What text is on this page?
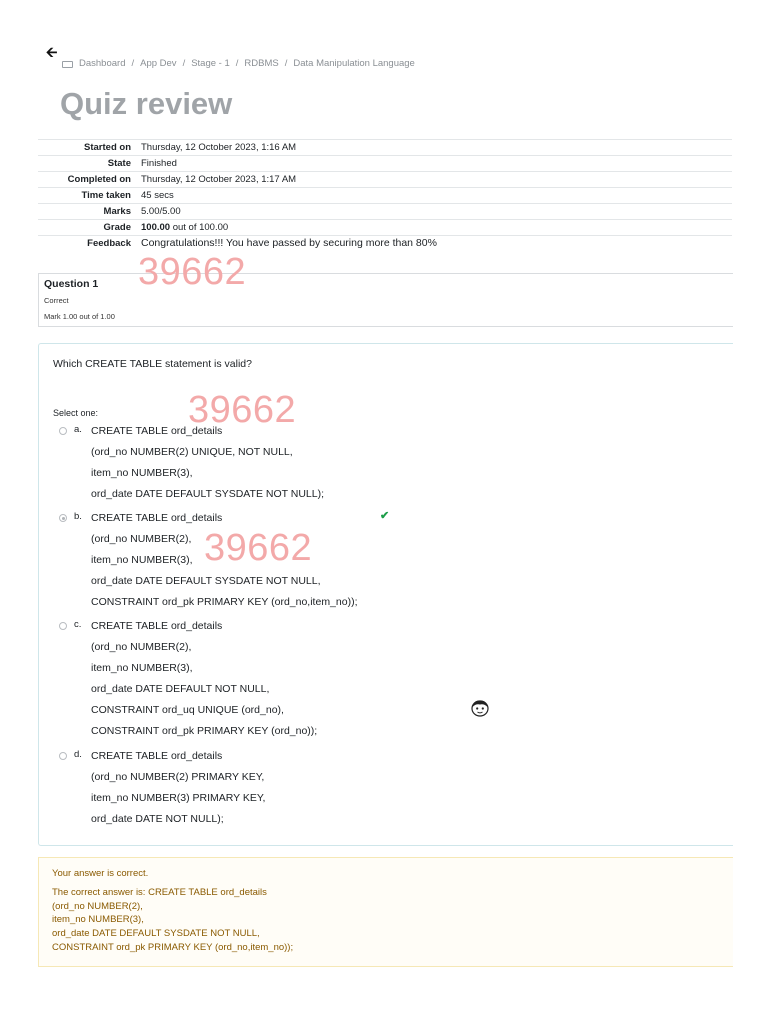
🡨
Dashboard / App Dev / Stage - 1 / RDBMS / Data Manipulation Language
Quiz review
Started on	Thursday, 12 October 2023, 1:16 AM
State	Finished
Completed on	Thursday, 12 October 2023, 1:17 AM
Time taken	45 secs
Marks	5.00/5.00
Grade	100.00 out of 100.00
Feedback	Congratulations!!! You have passed by securing more than 80%
Question 1
Correct
Mark 1.00 out of 1.00
Which CREATE TABLE statement is valid?
Select one:
a. CREATE TABLE ord_details
(ord_no NUMBER(2) UNIQUE, NOT NULL,
item_no NUMBER(3),
ord_date DATE DEFAULT SYSDATE NOT NULL);
b. CREATE TABLE ord_details
(ord_no NUMBER(2),
item_no NUMBER(3),
ord_date DATE DEFAULT SYSDATE NOT NULL,
CONSTRAINT ord_pk PRIMARY KEY (ord_no,item_no));
✔
c. CREATE TABLE ord_details
(ord_no NUMBER(2),
item_no NUMBER(3),
ord_date DATE DEFAULT NOT NULL,
CONSTRAINT ord_uq UNIQUE (ord_no),
CONSTRAINT ord_pk PRIMARY KEY (ord_no));
d. CREATE TABLE ord_details
(ord_no NUMBER(2) PRIMARY KEY,
item_no NUMBER(3) PRIMARY KEY,
ord_date DATE NOT NULL);
Your answer is correct.
The correct answer is: CREATE TABLE ord_details
(ord_no NUMBER(2),
item_no NUMBER(3),
ord_date DATE DEFAULT SYSDATE NOT NULL,
CONSTRAINT ord_pk PRIMARY KEY (ord_no,item_no));
39662
39662
39662
